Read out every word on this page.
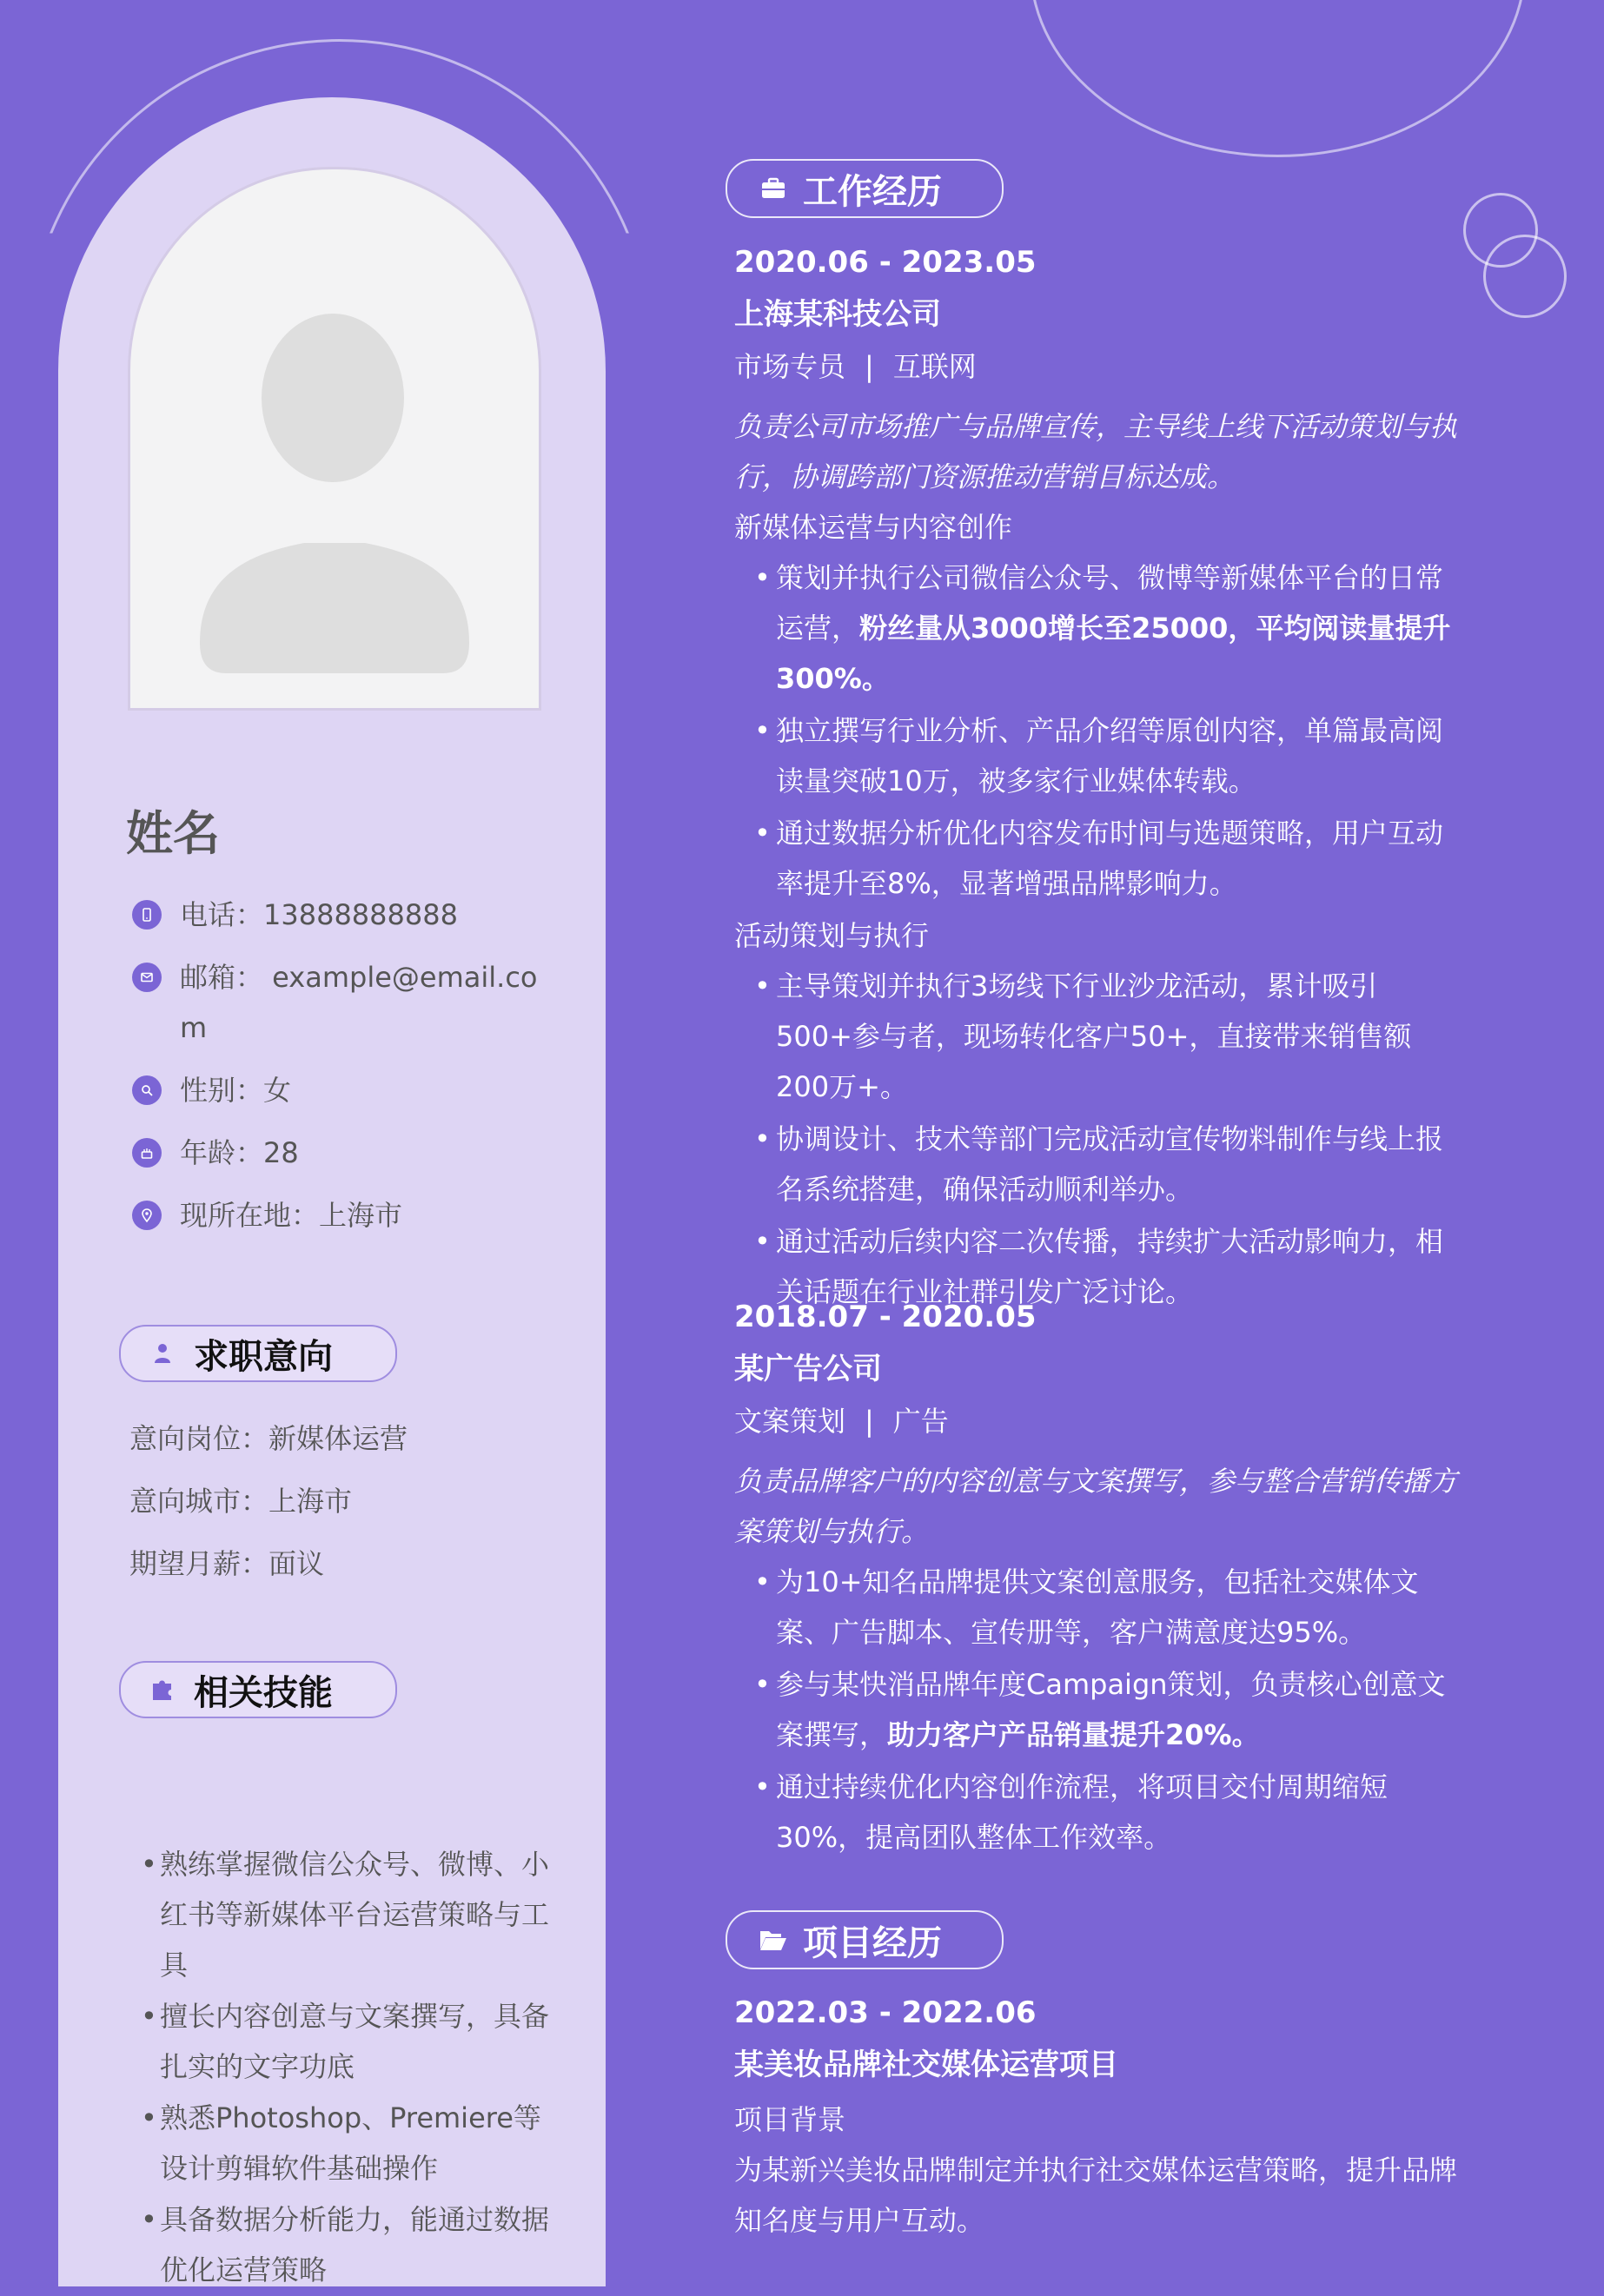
姓名
电话：13888888888
邮箱： example@email.com
性别：女
年龄：28
现所在地：上海市
求职意向
意向岗位：新媒体运营
意向城市：上海市
期望月薪：面议
相关技能
• 熟练掌握微信公众号、微博、小红书等新媒体平台运营策略与工具
• 擅长内容创意与文案撰写，具备扎实的文字功底
• 熟悉Photoshop、Premiere等设计剪辑软件基础操作
• 具备数据分析能力，能通过数据优化运营策略
工作经历
2020.06 - 2023.05
上海某科技公司
市场专员 | 互联网
负责公司市场推广与品牌宣传，主导线上线下活动策划与执行，协调跨部门资源推动营销目标达成。
新媒体运营与内容创作
• 策划并执行公司微信公众号、微博等新媒体平台的日常运营，粉丝量从3000增长至25000，平均阅读量提升300%。
• 独立撰写行业分析、产品介绍等原创内容，单篇最高阅读量突破10万，被多家行业媒体转载。
• 通过数据分析优化内容发布时间与选题策略，用户互动率提升至8%，显著增强品牌影响力。
活动策划与执行
• 主导策划并执行3场线下行业沙龙活动，累计吸引500+参与者，现场转化客户50+，直接带来销售额200万+。
• 协调设计、技术等部门完成活动宣传物料制作与线上报名系统搭建，确保活动顺利举办。
• 通过活动后续内容二次传播，持续扩大活动影响力，相关话题在行业社群引发广泛讨论。
2018.07 - 2020.05
某广告公司
文案策划 | 广告
负责品牌客户的内容创意与文案撰写，参与整合营销传播方案策划与执行。
• 为10+知名品牌提供文案创意服务，包括社交媒体文案、广告脚本、宣传册等，客户满意度达95%。
• 参与某快消品牌年度Campaign策划，负责核心创意文案撰写，助力客户产品销量提升20%。
• 通过持续优化内容创作流程，将项目交付周期缩短30%，提高团队整体工作效率。
项目经历
2022.03 - 2022.06
某美妆品牌社交媒体运营项目
项目背景
为某新兴美妆品牌制定并执行社交媒体运营策略，提升品牌知名度与用户互动。
